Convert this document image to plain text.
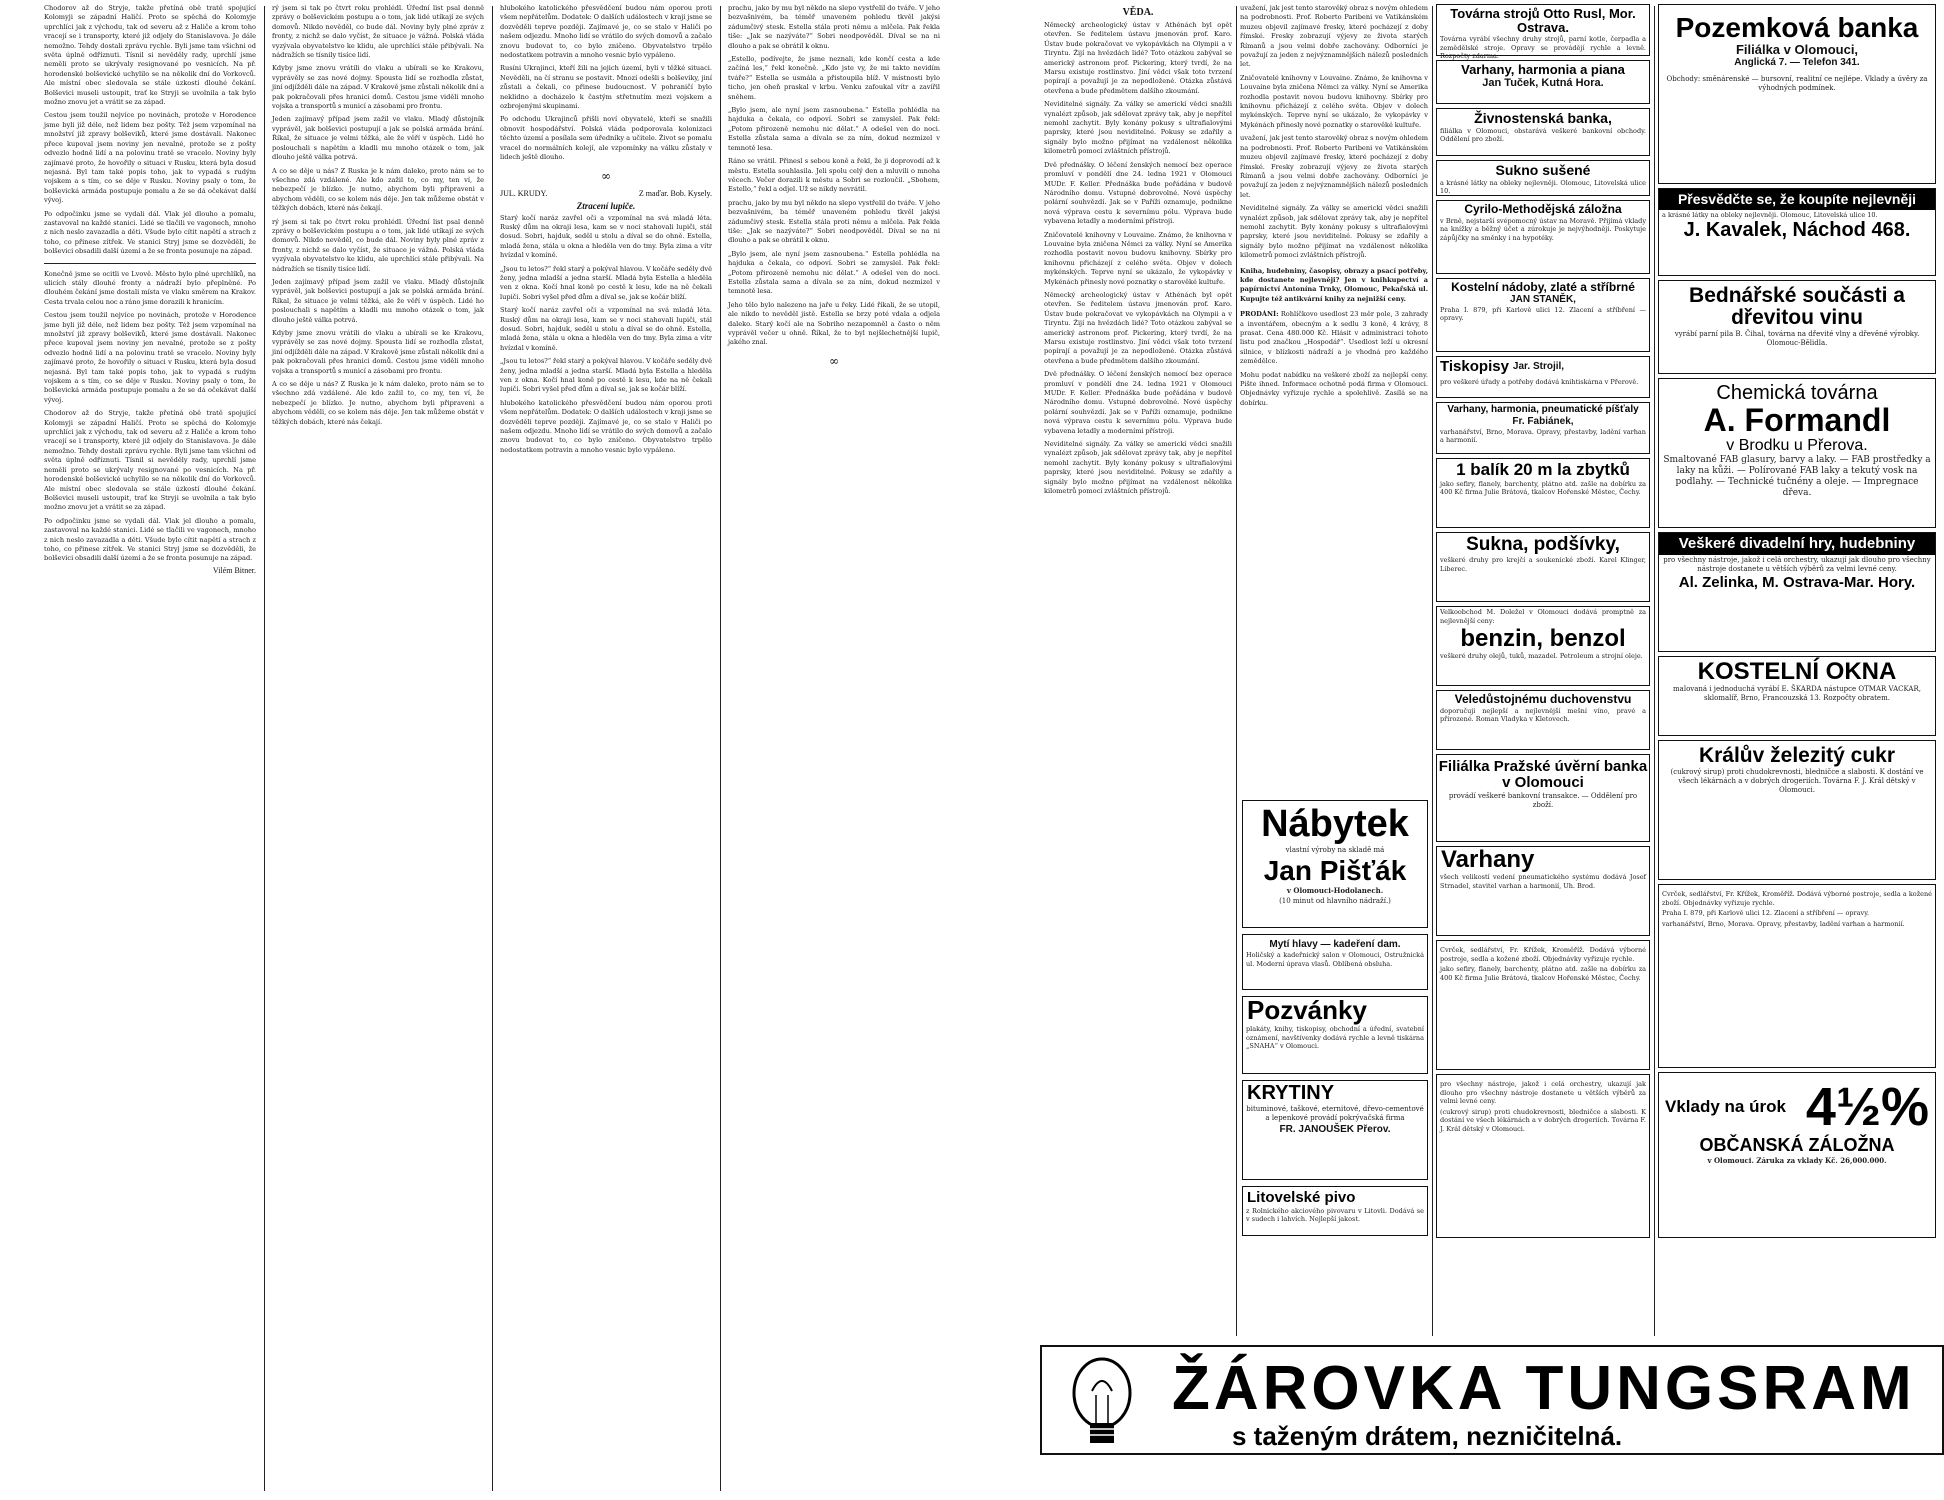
Chodorov až do Stryje, takže přetíná obě tratě spojující Kolomyji se západní Haličí. Proto se spěchá do Kolomyje uprchlíci jak z východu, tak od severu až z Haliče a krom toho vracejí se i transporty, které již odjely do Stanislavova. Je dále nemožno. Tehdy dostali zprávu rychle. Byli jsme tam všichni od světa úplně odříznuti. Tísnil si nevěděly rady, uprchlí jsme neměli proto se ukrývaly resignované po vesnicích. Na př. horodenské bolševické uchylilo se na několik dní do Vorkovců. Ale místní obec sledovala se stále úzkostí dlouhé čekání. Bolševici museli ustoupit, trať ke Stryji se uvolnila a tak bylo možno znovu jet a vrátit se za západ.
Cestou jsem toužil nejvíce po novinách, protože v Horodence jsme byli již déle, než lidem bez pošty. Též jsem vzpomínal na množství již zpravy bolševiků, které jsme dostávali. Nakonec přece kupoval jsem noviny jen nevalné, protože se z pošty odvezlo hodně lidí a na polovinu tratě se vracelo. Noviny byly zajímavé proto, že hovořily o situaci v Rusku, která byla dosud nejasná. Byl tam také popis toho, jak to vypadá s rudým vojskem a s tím, co se děje v Rusku. Noviny psaly o tom, že bolševická armáda postupuje pomalu a že se dá očekávat další vývoj.
Po odpočinku jsme se vydali dál. Vlak jel dlouho a pomalu, zastavoval na každé stanici. Lidé se tlačili ve vagonech, mnoho z nich neslo zavazadla a děti. Všude bylo cítit napětí a strach z toho, co přinese zítřek. Ve stanici Stryj jsme se dozvěděli, že bolševici obsadili další území a že se fronta posunuje na západ.
Konečně jsme se ocitli ve Lvově. Město bylo plné uprchlíků, na ulicích stály dlouhé fronty a nádraží bylo přeplněné. Po dlouhém čekání jsme dostali místa ve vlaku směrem na Krakov. Cesta trvala celou noc a ráno jsme dorazili k hranicím.
Cestou jsem toužil nejvíce po novinách, protože v Horodence jsme byli již déle, než lidem bez pošty. Též jsem vzpomínal na množství již zpravy bolševiků, které jsme dostávali. Nakonec přece kupoval jsem noviny jen nevalné, protože se z pošty odvezlo hodně lidí a na polovinu tratě se vracelo. Noviny byly zajímavé proto, že hovořily o situaci v Rusku, která byla dosud nejasná. Byl tam také popis toho, jak to vypadá s rudým vojskem a s tím, co se děje v Rusku. Noviny psaly o tom, že bolševická armáda postupuje pomalu a že se dá očekávat další vývoj.
Chodorov až do Stryje, takže přetíná obě tratě spojující Kolomyji se západní Haličí. Proto se spěchá do Kolomyje uprchlíci jak z východu, tak od severu až z Haliče a krom toho vracejí se i transporty, které již odjely do Stanislavova. Je dále nemožno. Tehdy dostali zprávu rychle. Byli jsme tam všichni od světa úplně odříznuti. Tísnil si nevěděly rady, uprchlí jsme neměli proto se ukrývaly resignované po vesnicích. Na př. horodenské bolševické uchylilo se na několik dní do Vorkovců. Ale místní obec sledovala se stále úzkostí dlouhé čekání. Bolševici museli ustoupit, trať ke Stryji se uvolnila a tak bylo možno znovu jet a vrátit se za západ.
Po odpočinku jsme se vydali dál. Vlak jel dlouho a pomalu, zastavoval na každé stanici. Lidé se tlačili ve vagonech, mnoho z nich neslo zavazadla a děti. Všude bylo cítit napětí a strach z toho, co přinese zítřek. Ve stanici Stryj jsme se dozvěděli, že bolševici obsadili další území a že se fronta posunuje na západ.
Vilém Bitner.
rý jsem si tak po čtvrt roku prohlédl. Úřední list psal denně zprávy o bolševickém postupu a o tom, jak lidé utíkají ze svých domovů. Nikdo nevěděl, co bude dál. Noviny byly plné zpráv z fronty, z nichž se dalo vyčíst, že situace je vážná. Polská vláda vyzývala obyvatelstvo ke klidu, ale uprchlíci stále přibývali. Na nádražích se tísnily tisíce lidí.
Kdyby jsme znovu vrátili do vlaku a ubírali se ke Krakovu, vyprávěly se zas nové dojmy. Spousta lidí se rozhodla zůstat, jiní odjížděli dále na západ. V Krakově jsme zůstali několik dní a pak pokračovali přes hranici domů. Cestou jsme viděli mnoho vojska a transportů s municí a zásobami pro frontu.
Jeden zajímavý případ jsem zažil ve vlaku. Mladý důstojník vyprávěl, jak bolševici postupují a jak se polská armáda brání. Říkal, že situace je velmi těžká, ale že věří v úspěch. Lidé ho poslouchali s napětím a kladli mu mnoho otázek o tom, jak dlouho ještě válka potrvá.
A co se děje u nás? Z Ruska je k nám daleko, proto nám se to všechno zdá vzdálené. Ale kdo zažil to, co my, ten ví, že nebezpečí je blízko. Je nutno, abychom byli připraveni a abychom věděli, co se kolem nás děje. Jen tak můžeme obstát v těžkých dobách, které nás čekají.
rý jsem si tak po čtvrt roku prohlédl. Úřední list psal denně zprávy o bolševickém postupu a o tom, jak lidé utíkají ze svých domovů. Nikdo nevěděl, co bude dál. Noviny byly plné zpráv z fronty, z nichž se dalo vyčíst, že situace je vážná. Polská vláda vyzývala obyvatelstvo ke klidu, ale uprchlíci stále přibývali. Na nádražích se tísnily tisíce lidí.
Jeden zajímavý případ jsem zažil ve vlaku. Mladý důstojník vyprávěl, jak bolševici postupují a jak se polská armáda brání. Říkal, že situace je velmi těžká, ale že věří v úspěch. Lidé ho poslouchali s napětím a kladli mu mnoho otázek o tom, jak dlouho ještě válka potrvá.
Kdyby jsme znovu vrátili do vlaku a ubírali se ke Krakovu, vyprávěly se zas nové dojmy. Spousta lidí se rozhodla zůstat, jiní odjížděli dále na západ. V Krakově jsme zůstali několik dní a pak pokračovali přes hranici domů. Cestou jsme viděli mnoho vojska a transportů s municí a zásobami pro frontu.
A co se děje u nás? Z Ruska je k nám daleko, proto nám se to všechno zdá vzdálené. Ale kdo zažil to, co my, ten ví, že nebezpečí je blízko. Je nutno, abychom byli připraveni a abychom věděli, co se kolem nás děje. Jen tak můžeme obstát v těžkých dobách, které nás čekají.
hlubokého katolického přesvědčení budou nám oporou proti všem nepřátelům. Dodatek: O dalších událostech v kraji jsme se dozvěděli teprve později. Zajímavé je, co se stalo v Haliči po našem odjezdu. Mnoho lidí se vrátilo do svých domovů a začalo znovu budovat to, co bylo zničeno. Obyvatelstvo trpělo nedostatkem potravin a mnoho vesnic bylo vypáleno.
Rusíni Ukrajinci, kteří žili na jejich území, byli v těžké situaci. Nevěděli, na čí stranu se postavit. Mnozí odešli s bolševiky, jiní zůstali a čekali, co přinese budoucnost. V pohraničí bylo neklidno a docházelo k častým střetnutím mezi vojskem a ozbrojenými skupinami.
Po odchodu Ukrajinců přišli noví obyvatelé, kteří se snažili obnovit hospodářství. Polská vláda podporovala kolonizaci těchto území a posílala sem úředníky a učitele. Život se pomalu vracel do normálních kolejí, ale vzpomínky na válku zůstaly v lidech ještě dlouho.
∞
JUL. KRUDY.	Z maďar. Bob. Kysely.
Ztracení lupiče.
Starý kočí naráz zavřel oči a vzpomínal na svá mladá léta. Ruský dům na okraji lesa, kam se v noci stahovali lupiči, stál dosud. Sobri, hajduk, seděl u stolu a díval se do ohně. Estella, mladá žena, stála u okna a hleděla ven do tmy. Byla zima a vítr hvízdal v komíně.
„Jsou tu letos?“ řekl starý a pokýval hlavou. V kočáře seděly dvě ženy, jedna mladší a jedna starší. Mladá byla Estella a hleděla ven z okna. Kočí hnal koně po cestě k lesu, kde na ně čekali lupiči. Sobri vyšel před dům a díval se, jak se kočár blíží.
Starý kočí naráz zavřel oči a vzpomínal na svá mladá léta. Ruský dům na okraji lesa, kam se v noci stahovali lupiči, stál dosud. Sobri, hajduk, seděl u stolu a díval se do ohně. Estella, mladá žena, stála u okna a hleděla ven do tmy. Byla zima a vítr hvízdal v komíně.
„Jsou tu letos?“ řekl starý a pokýval hlavou. V kočáře seděly dvě ženy, jedna mladší a jedna starší. Mladá byla Estella a hleděla ven z okna. Kočí hnal koně po cestě k lesu, kde na ně čekali lupiči. Sobri vyšel před dům a díval se, jak se kočár blíží.
hlubokého katolického přesvědčení budou nám oporou proti všem nepřátelům. Dodatek: O dalších událostech v kraji jsme se dozvěděli teprve později. Zajímavé je, co se stalo v Haliči po našem odjezdu. Mnoho lidí se vrátilo do svých domovů a začalo znovu budovat to, co bylo zničeno. Obyvatelstvo trpělo nedostatkem potravin a mnoho vesnic bylo vypáleno.
prachu, jako by mu byl někdo na slepo vystřelil do tváře. V jeho bezvašnivém, ba téměř unaveném pohledu tkvěl jakýsi zádumčivý stesk. Estella stála proti němu a mlčela. Pak řekla tiše: „Jak se nazýváte?“ Sobri neodpověděl. Díval se na ni dlouho a pak se obrátil k oknu.
„Estello, podívejte, že jsme neznali, kde končí cesta a kde začíná les,“ řekl konečně. „Kdo jste vy, že mi takto nevidím tváře?“ Estella se usmála a přistoupila blíž. V místnosti bylo ticho, jen oheň praskal v krbu. Venku zafoukal vítr a zavířil sněhem.
„Bylo jsem, ale nyní jsem zasnoubena.“ Estella pohlédla na hajduka a čekala, co odpoví. Sobri se zamyslel. Pak řekl: „Potom přirozeně nemohu nic dělat.“ A odešel ven do noci. Estella zůstala sama a dívala se za ním, dokud nezmizel v temnotě lesa.
Ráno se vrátil. Přinesl s sebou koně a řekl, že ji doprovodí až k městu. Estella souhlasila. Jeli spolu celý den a mluvili o mnoha věcech. Večer dorazili k městu a Sobri se rozloučil. „Sbohem, Estello,“ řekl a odjel. Už se nikdy nevrátil.
prachu, jako by mu byl někdo na slepo vystřelil do tváře. V jeho bezvašnivém, ba téměř unaveném pohledu tkvěl jakýsi zádumčivý stesk. Estella stála proti němu a mlčela. Pak řekla tiše: „Jak se nazýváte?“ Sobri neodpověděl. Díval se na ni dlouho a pak se obrátil k oknu.
„Bylo jsem, ale nyní jsem zasnoubena.“ Estella pohlédla na hajduka a čekala, co odpoví. Sobri se zamyslel. Pak řekl: „Potom přirozeně nemohu nic dělat.“ A odešel ven do noci. Estella zůstala sama a dívala se za ním, dokud nezmizel v temnotě lesa.
Jeho tělo bylo nalezeno na jaře u řeky. Lidé říkali, že se utopil, ale nikdo to nevěděl jistě. Estella se brzy poté vdala a odjela daleko. Starý kočí ale na Sobriho nezapomněl a často o něm vyprávěl večer u ohně. Říkal, že to byl nejšlechetnější lupič, jakého znal.
∞
VĚDA.
Německý archeologický ústav v Athénách byl opět otevřen. Se ředitelem ústavu jmenován prof. Karo. Ústav bude pokračovat ve vykopávkách na Olympii a v Tiryntu. Žijí na hvězdách lidé? Toto otázkou zabýval se americký astronom prof. Pickering, který tvrdí, že na Marsu existuje rostlinstvo. Jiní vědci však toto tvrzení popírají a považují je za nepodložené. Otázka zůstává otevřena a bude předmětem dalšího zkoumání.
Neviditelné signály. Za války se americkí vědci snažili vynalézt způsob, jak sdělovat zprávy tak, aby je nepřítel nemohl zachytit. Byly konány pokusy s ultrafialovými paprsky, které jsou neviditelné. Pokusy se zdařily a signály bylo možno přijímat na vzdálenost několika kilometrů pomocí zvláštních přístrojů.
Dvě přednášky. O léčení ženských nemocí bez operace promluví v pondělí dne 24. ledna 1921 v Olomouci MUDr. F. Keller. Přednáška bude pořádána v budově Národního domu. Vstupné dobrovolné. Nové úspěchy polární souhvězdí. Jak se v Paříži oznamuje, podnikne nová výprava cestu k severnímu pólu. Výprava bude vybavena letadly a moderními přístroji.
Zničovatelé knihovny v Louvaine. Známo, že knihovna v Louvaine byla zničena Němci za války. Nyní se Amerika rozhodla postavit novou budovu knihovny. Sbírky pro knihovnu přicházejí z celého světa. Objev v dolech mykénských. Teprve nyní se ukázalo, že vykopávky v Mykénách přinesly nové poznatky o starověké kultuře.
Německý archeologický ústav v Athénách byl opět otevřen. Se ředitelem ústavu jmenován prof. Karo. Ústav bude pokračovat ve vykopávkách na Olympii a v Tiryntu. Žijí na hvězdách lidé? Toto otázkou zabýval se americký astronom prof. Pickering, který tvrdí, že na Marsu existuje rostlinstvo. Jiní vědci však toto tvrzení popírají a považují je za nepodložené. Otázka zůstává otevřena a bude předmětem dalšího zkoumání.
Dvě přednášky. O léčení ženských nemocí bez operace promluví v pondělí dne 24. ledna 1921 v Olomouci MUDr. F. Keller. Přednáška bude pořádána v budově Národního domu. Vstupné dobrovolné. Nové úspěchy polární souhvězdí. Jak se v Paříži oznamuje, podnikne nová výprava cestu k severnímu pólu. Výprava bude vybavena letadly a moderními přístroji.
Neviditelné signály. Za války se americkí vědci snažili vynalézt způsob, jak sdělovat zprávy tak, aby je nepřítel nemohl zachytit. Byly konány pokusy s ultrafialovými paprsky, které jsou neviditelné. Pokusy se zdařily a signály bylo možno přijímat na vzdálenost několika kilometrů pomocí zvláštních přístrojů.
uvažení, jak jest tento starověký obraz s novým ohledem na podrobnosti. Prof. Roberto Paribeni ve Vatikánském muzeu objevil zajímavé fresky, které pocházejí z doby římské. Fresky zobrazují výjevy ze života starých Římanů a jsou velmi dobře zachovány. Odborníci je považují za jeden z nejvýznamnějších nálezů posledních let.
Zničovatelé knihovny v Louvaine. Známo, že knihovna v Louvaine byla zničena Němci za války. Nyní se Amerika rozhodla postavit novou budovu knihovny. Sbírky pro knihovnu přicházejí z celého světa. Objev v dolech mykénských. Teprve nyní se ukázalo, že vykopávky v Mykénách přinesly nové poznatky o starověké kultuře.
uvažení, jak jest tento starověký obraz s novým ohledem na podrobnosti. Prof. Roberto Paribeni ve Vatikánském muzeu objevil zajímavé fresky, které pocházejí z doby římské. Fresky zobrazují výjevy ze života starých Římanů a jsou velmi dobře zachovány. Odborníci je považují za jeden z nejvýznamnějších nálezů posledních let.
Neviditelné signály. Za války se americkí vědci snažili vynalézt způsob, jak sdělovat zprávy tak, aby je nepřítel nemohl zachytit. Byly konány pokusy s ultrafialovými paprsky, které jsou neviditelné. Pokusy se zdařily a signály bylo možno přijímat na vzdálenost několika kilometrů pomocí zvláštních přístrojů.
Kniha, hudebniny, časopisy, obrazy a psací potřeby, kde dostanete nejlevněji? Jen v knihkupectví a papírnictví Antonína Trnky, Olomouc, Pekařská ul. Kupujte též antikvární knihy za nejnižší ceny.
PRODÁNÍ: Rohlíčkovo usedlost 23 měr pole, 3 zahrady a inventářem, obecným a k sedlu 3 koně, 4 krávy, 8 prasat. Cena 480.000 Kč. Hlásit v administraci tohoto listu pod značkou „Hospodář“. Usedlost leží u okresní silnice, v blízkosti nádraží a je vhodná pro každého zemědělce.
Mohu podat nabídku na veškeré zboží za nejlepší ceny. Pište ihned. Informace ochotně podá firma v Olomouci. Objednávky vyřizuje rychle a spolehlivě. Zasílá se na dobírku.
Nábytek
vlastní výroby na skladě má
Jan Pišťák
v Olomouci-Hodolanech.
(10 minut od hlavního nádraží.)
Mytí hlavy — kadeření dam.
Holičský a kadeřnický salon v Olomouci, Ostružnická ul. Moderní úprava vlasů. Oblíbená obsluha.
Pozvánky
plakáty, knihy, tiskopisy, obchodní a úřední, svatební oznámení, navštívenky dodává rychle a levně tiskárna „SNAHA“ v Olomouci.
KRYTINY
bituminové, taškové, eternitové, dřevo-cementové a lepenkové provádí pokrývačská firma
FR. JANOUŠEK Přerov.
Litovelské pivo
z Rolnického akciového pivovaru v Litovli. Dodává se v sudech i lahvích. Nejlepší jakost.
Továrna strojů Otto Rusl, Mor. Ostrava.
Továrna vyrábí všechny druhy strojů, parní kotle, čerpadla a zemědělské stroje. Opravy se provádějí rychle a levně. Rozpočty zdarma.
Varhany, harmonia a piana
Jan Tuček, Kutná Hora.
Živnostenská banka,
filiálka v Olomouci, obstarává veškeré bankovní obchody. Oddělení pro zboží.
Sukno sušené
a krásné látky na obleky nejlevněji. Olomouc, Litovelská ulice 10.
Cyrilo-Methodějská záložna
v Brně, nejstarší svépomocný ústav na Moravě. Přijímá vklady na knížky a běžný účet a zúrokuje je nejvýhodněji. Poskytuje zápůjčky na směnky i na hypotéky.
Kostelní nádoby, zlaté a stříbrné
JAN STANĚK,
Praha I. 879, při Karlově ulici 12. Zlacení a stříbření — opravy.
Tiskopisy Jar. Strojil,
pro veškeré úřady a potřeby dodává knihtiskárna v Přerově.
Varhany, harmonia, pneumatické píšťaly
Fr. Fabiánek,
varhanářství, Brno, Morava. Opravy, přestavby, ladění varhan a harmonií.
1 balík 20 m la zbytků
jako sefiry, flanely, barchenty, plátno atd. zašle na dobírku za 400 Kč firma Julie Brátová, tkalcov Hořenské Městec, Čechy.
Sukna, podšívky,
veškeré druhy pro krejčí a soukenické zboží. Karel Klinger, Liberec.
Velkoobchod M. Doležel v Olomouci dodává promptně za nejlevnější ceny:
benzin, benzol
veškeré druhy olejů, tuků, mazadel. Petroleum a strojní oleje.
Veledůstojnému duchovenstvu
doporučuji nejlepší a nejlevnější mešní víno, pravé a přirozené. Roman Vladyka v Kletovech.
Filiálka Pražské úvěrní banka v Olomouci
provádí veškeré bankovní transakce. — Oddělení pro zboží.
Varhany
všech velikostí vedení pneumatického systému dodává Josef Strnadel, stavitel varhan a harmonií, Uh. Brod.
Cvrček, sedlářství, Fr. Křížek, Kroměříž. Dodává výborné postroje, sedla a kožené zboží. Objednávky vyřizuje rychle.
jako sefiry, flanely, barchenty, plátno atd. zašle na dobírku za 400 Kč firma Julie Brátová, tkalcov Hořenské Městec, Čechy.
pro všechny nástroje, jakož i celá orchestry, ukazují jak dlouho pro všechny nástroje dostanete u větších výběrů za velmi levné ceny.
(cukrový sirup) proti chudokrevnosti, bledničce a slabosti. K dostání ve všech lékárnách a v dobrých drogeriích. Továrna F. J. Král dětský v Olomouci.
Pozemková banka
Filiálka v Olomouci,
Anglická 7. — Telefon 341.
Obchody: směnárenské — bursovní, realitní ce nejlépe. Vklady a úvěry za výhodných podmínek.
Přesvědčte se, že koupíte nejlevněji
a krásné látky na obleky nejlevněji. Olomouc, Litovelská ulice 10.
J. Kavalek, Náchod 468.
Bednářské součásti a dřevitou vinu
vyrábí parní pila B. Čihal, továrna na dřevité vlny a dřevěné výrobky. Olomouc-Bělidla.
Chemická továrna
A. Formandl
v Brodku u Přerova.
Smaltované FAB glasury, barvy a laky. — FAB prostředky a laky na kůži. — Polírované FAB laky a tekutý vosk na podlahy. — Technické tučnény a oleje. — Impregnace dřeva.
Veškeré divadelní hry, hudebniny
pro všechny nástroje, jakož i celá orchestry, ukazují jak dlouho pro všechny nástroje dostanete u větších výběrů za velmi levné ceny.
Al. Zelinka, M. Ostrava-Mar. Hory.
KOSTELNÍ OKNA
malovaná i jednoduchá vyrábí E. ŠKARDA nástupce OTMAR VACKAR, sklomalíř, Brno, Francouzská 13. Rozpočty obratem.
Králův železitý cukr
(cukrový sirup) proti chudokrevnosti, bledničce a slabosti. K dostání ve všech lékárnách a v dobrých drogeriích. Továrna F. J. Král dětský v Olomouci.
Cvrček, sedlářství, Fr. Křížek, Kroměříž. Dodává výborné postroje, sedla a kožené zboží. Objednávky vyřizuje rychle.
Praha I. 879, při Karlově ulici 12. Zlacení a stříbření — opravy.
varhanářství, Brno, Morava. Opravy, přestavby, ladění varhan a harmonií.
Vklady na úrok 4½%
OBČANSKÁ ZÁLOŽNA
v Olomouci. Záruka za vklady Kč. 26,000.000.
ŽÁROVKA TUNGSRAM
s taženým drátem, nezničitelná.
